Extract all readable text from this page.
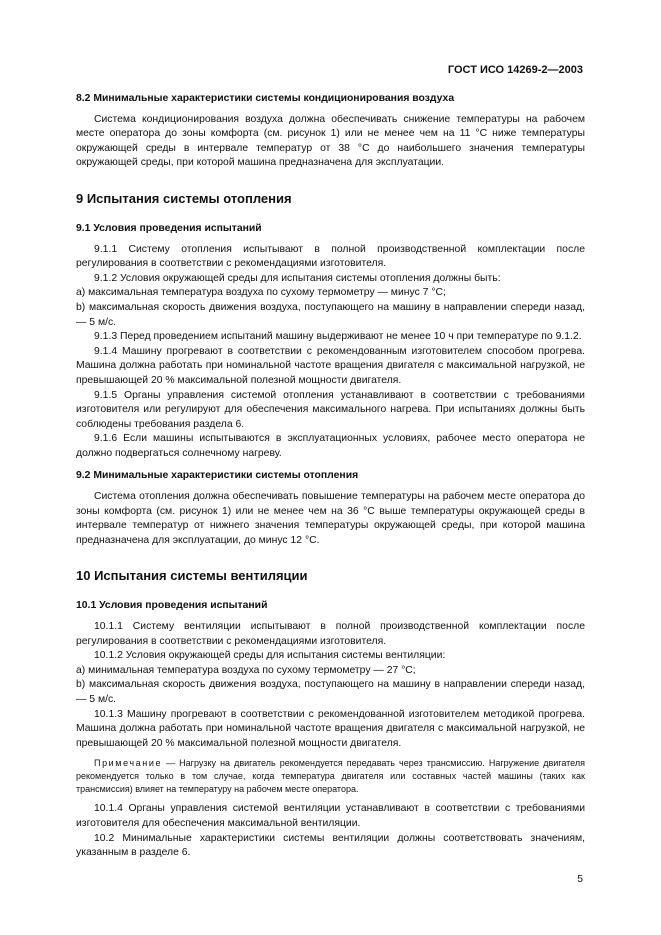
ГОСТ ИСО 14269-2—2003
8.2 Минимальные характеристики системы кондиционирования воздуха

Система кондиционирования воздуха должна обеспечивать снижение температуры на рабочем месте оператора до зоны комфорта (см. рисунок 1) или не менее чем на 11 °С ниже температуры окружающей среды в интервале температур от 38 °С до наибольшего значения температуры окружающей среды, при которой машина предназначена для эксплуатации.

9 Испытания системы отопления
9.1 Условия проведения испытаний

9.1.1 Систему отопления испытывают в полной производственной комплектации после регулирования в соответствии с рекомендациями изготовителя.

9.1.2 Условия окружающей среды для испытания системы отопления должны быть:

а) максимальная температура воздуха по сухому термометру — минус 7 °С;

b) максимальная скорость движения воздуха, поступающего на машину в направлении спереди назад, — 5 м/с.

9.1.3 Перед проведением испытаний машину выдерживают не менее 10 ч при температуре по 9.1.2.

9.1.4 Машину прогревают в соответствии с рекомендованным изготовителем способом прогрева. Машина должна работать при номинальной частоте вращения двигателя с максимальной нагрузкой, не превышающей 20 % максимальной полезной мощности двигателя.

9.1.5 Органы управления системой отопления устанавливают в соответствии с требованиями изготовителя или регулируют для обеспечения максимального нагрева. При испытаниях должны быть соблюдены требования раздела 6.

9.1.6 Если машины испытываются в эксплуатационных условиях, рабочее место оператора не должно подвергаться солнечному нагреву.

9.2 Минимальные характеристики системы отопления

Система отопления должна обеспечивать повышение температуры на рабочем месте оператора до зоны комфорта (см. рисунок 1) или не менее чем на 36 °С выше температуры окружающей среды в интервале температур от нижнего значения температуры окружающей среды, при которой машина предназначена для эксплуатации, до минус 12 °С.

10 Испытания системы вентиляции
10.1 Условия проведения испытаний

10.1.1 Систему вентиляции испытывают в полной производственной комплектации после регулирования в соответствии с рекомендациями изготовителя.

10.1.2 Условия окружающей среды для испытания системы вентиляции:

а) минимальная температура воздуха по сухому термометру — 27 °С;

b) максимальная скорость движения воздуха, поступающего на машину в направлении спереди назад, — 5 м/с.

10.1.3 Машину прогревают в соответствии с рекомендованной изготовителем методикой прогрева. Машина должна работать при номинальной частоте вращения двигателя с максимальной нагрузкой, не превышающей 20 % максимальной полезной мощности двигателя.

Примечание — Нагрузку на двигатель рекомендуется передавать через трансмиссию. Нагружение двигателя рекомендуется только в том случае, когда температура двигателя или составных частей машины (таких как трансмиссия) влияет на температуру на рабочем месте оператора.

10.1.4 Органы управления системой вентиляции устанавливают в соответствии с требованиями изготовителя для обеспечения максимальной вентиляции.

10.2 Минимальные характеристики системы вентиляции должны соответствовать значениям, указанным в разделе 6.

5
